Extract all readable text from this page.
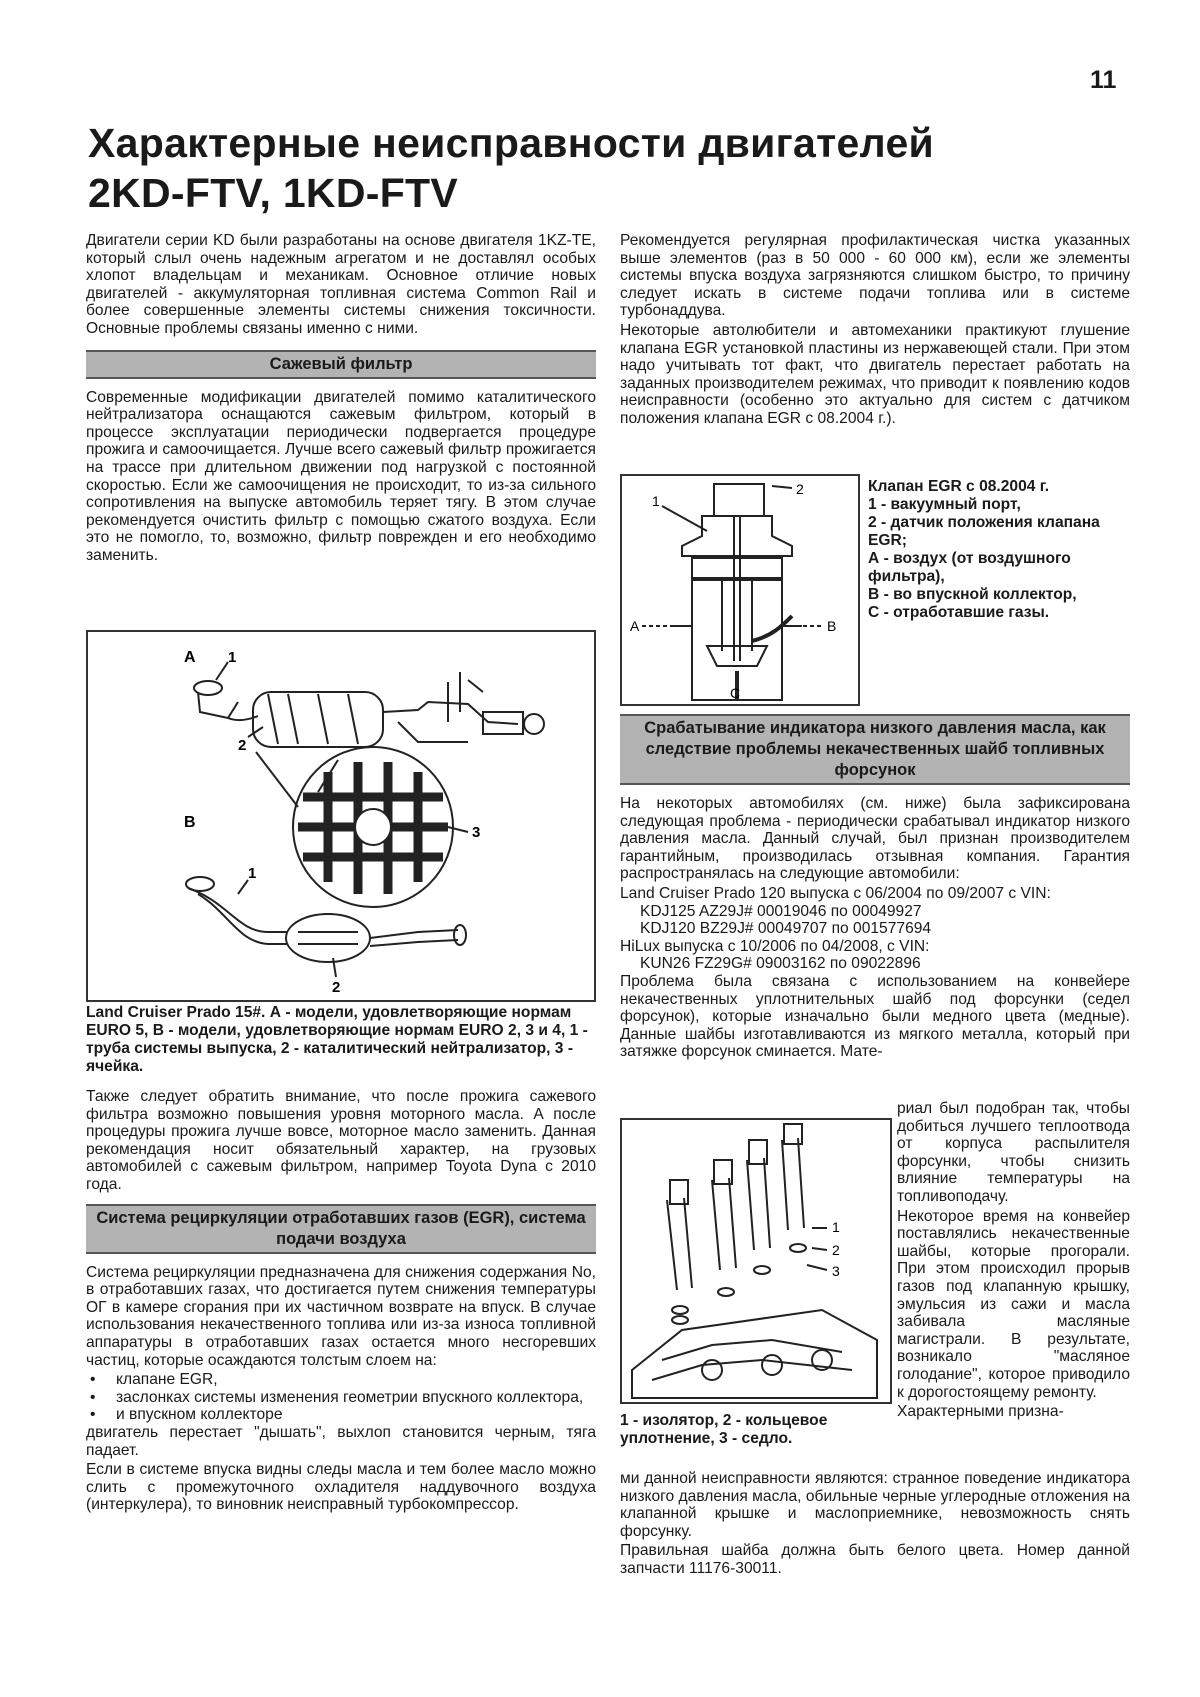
11
Характерные неисправности двигателей
2KD-FTV, 1KD-FTV

Двигатели серии KD были разработаны на основе двигателя 1KZ-TE, который слыл очень надежным агрегатом и не доставлял особых хлопот владельцам и механикам. Основное отличие новых двигателей - аккумуляторная топливная система Common Rail и более совершенные элементы системы снижения токсичности. Основные проблемы связаны именно с ними.

Сажевый фильтр

Современные модификации двигателей помимо каталитического нейтрализатора оснащаются сажевым фильтром, который в процессе эксплуатации периодически подвергается процедуре прожига и самоочищается. Лучше всего сажевый фильтр прожигается на трассе при длительном движении под нагрузкой с постоянной скоростью. Если же самоочищения не происходит, то из-за сильного сопротивления на выпуске автомобиль теряет тягу. В этом случае рекомендуется очистить фильтр с помощью сжатого воздуха. Если это не помогло, то, возможно, фильтр поврежден и его необходимо заменить.

A 1
2
3
B
1
2
Land Cruiser Prado 15#. А - модели, удовлетворяющие нормам EURO 5, В - модели, удовлетворяющие нормам EURO 2, 3 и 4, 1 - труба системы выпуска, 2 - каталитический нейтрализатор, 3 - ячейка.

Также следует обратить внимание, что после прожига сажевого фильтра возможно повышения уровня моторного масла. А после процедуры прожига лучше вовсе, моторное масло заменить. Данная рекомендация носит обязательный характер, на грузовых автомобилей с сажевым фильтром, например Toyota Dyna с 2010 года.

Система рециркуляции отработавших газов (EGR), система подачи воздуха

Система рециркуляции предназначена для снижения содержания No, в отработавших газах, что достигается путем снижения температуры ОГ в камере сгорания при их частичном возврате на впуск. В случае использования некачественного топлива или из-за износа топливной аппаратуры в отработавших газах остается много несгоревших частиц, которые осаждаются толстым слоем на:

• клапане EGR,
• заслонках системы изменения геометрии впускного коллектора,
• и впускном коллекторе

двигатель перестает "дышать", выхлоп становится черным, тяга падает.

Если в системе впуска видны следы масла и тем более масло можно слить с промежуточного охладителя наддувочного воздуха (интеркулера), то виновник неисправный турбокомпрессор.

Рекомендуется регулярная профилактическая чистка указанных выше элементов (раз в 50 000 - 60 000 км), если же элементы системы впуска воздуха загрязняются слишком быстро, то причину следует искать в системе подачи топлива или в системе турбонаддува.

Некоторые автолюбители и автомеханики практикуют глушение клапана EGR установкой пластины из нержавеющей стали. При этом надо учитывать тот факт, что двигатель перестает работать на заданных производителем режимах, что приводит к появлению кодов неисправности (особенно это актуально для систем с датчиком положения клапана EGR с 08.2004 г.).

1
2
A	B
C
Клапан EGR с 08.2004 г.
1 - вакуумный порт,
2 - датчик положения клапана EGR;
А - воздух (от воздушного фильтра),
В - во впускной коллектор,
С - отработавшие газы.
Срабатывание индикатора низкого давления масла, как следствие проблемы некачественных шайб топливных форсунок

На некоторых автомобилях (см. ниже) была зафиксирована следующая проблема - периодически срабатывал индикатор низкого давления масла. Данный случай, был признан производителем гарантийным, производилась отзывная компания. Гарантия распространялась на следующие автомобили:

Land Cruiser Prado 120 выпуска с 06/2004 по 09/2007 с VIN:
KDJ125 AZ29J# 00019046 по 00049927
KDJ120 BZ29J# 00049707 по 001577694
HiLux выпуска с 10/2006 по 04/2008, с VIN:
KUN26 FZ29G# 09003162 по 09022896

Проблема была связана с использованием на конвейере некачественных уплотнительных шайб под форсунки (седел форсунок), которые изначально были медного цвета (медные). Данные шайбы изготавливаются из мягкого металла, который при затяжке форсунок сминается. Мате-

1
2
3

риал был подобран так, чтобы добиться лучшего теплоотвода от корпуса распылителя форсунки, чтобы снизить влияние температуры на топливоподачу.

Некоторое время на конвейер поставлялись некачественные шайбы, которые прогорали. При этом происходил прорыв газов под клапанную крышку, эмульсия из сажи и масла забивала масляные магистрали. В результате, возникало "масляное голодание", которое приводило к дорогостоящему ремонту.

Характерными призна-

1 - изолятор, 2 - кольцевое уплотнение, 3 - седло.

ми данной неисправности являются: странное поведение индикатора низкого давления масла, обильные черные углеродные отложения на клапанной крышке и маслоприемнике, невозможность снять форсунку.

Правильная шайба должна быть белого цвета. Номер данной запчасти 11176-30011.
